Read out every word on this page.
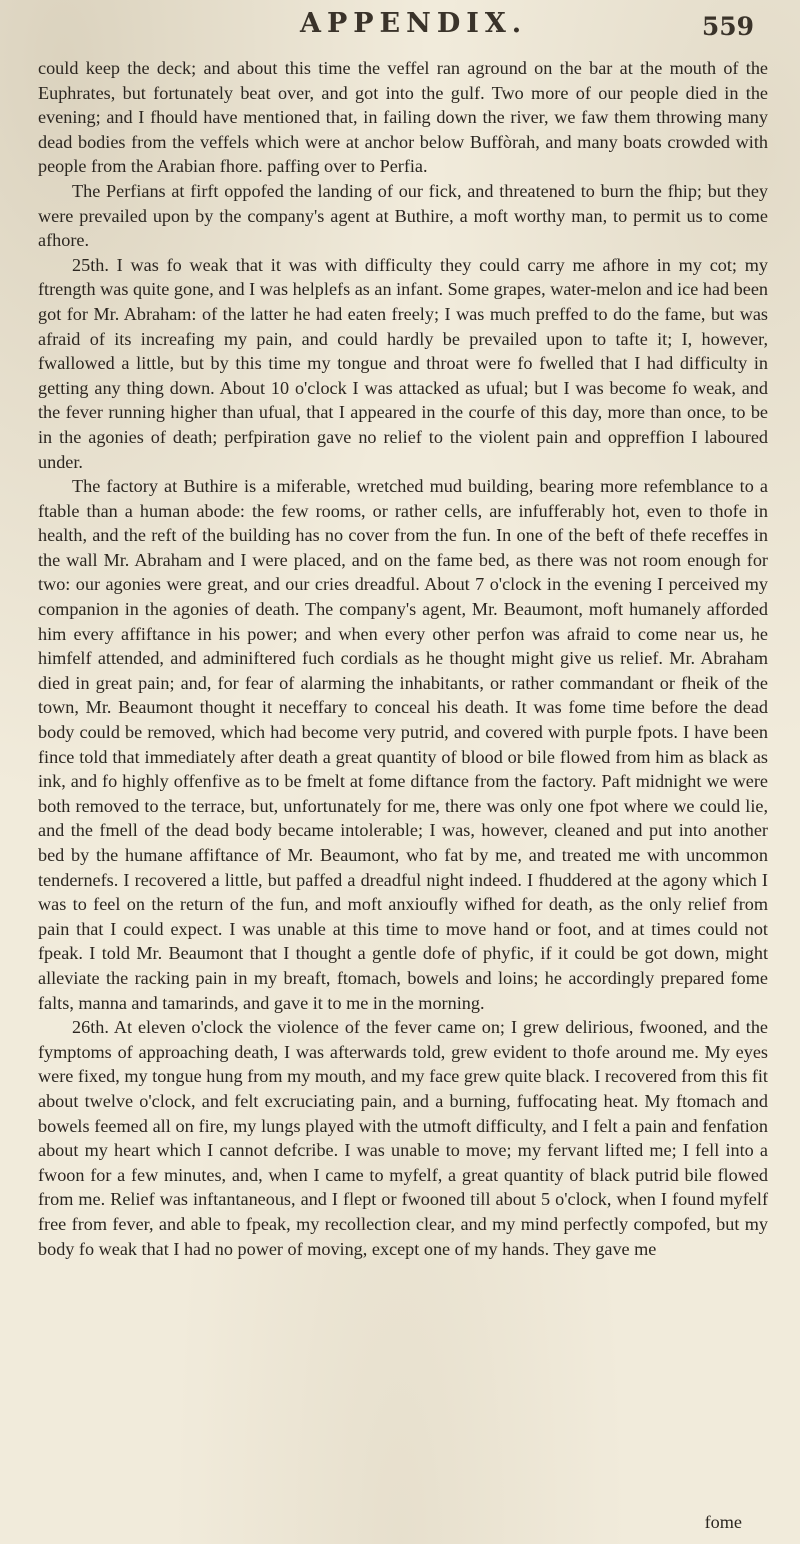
APPENDIX.	559

could keep the deck; and about this time the veffel ran aground on the bar at the mouth of the Euphrates, but fortunately beat over, and got into the gulf. Two more of our people died in the evening; and I fhould have mentioned that, in failing down the river, we faw them throwing many dead bodies from the veffels which were at anchor below Buffòrah, and many boats crowded with people from the Arabian fhore. paffing over to Perfia.

The Perfians at firft oppofed the landing of our fick, and threatened to burn the fhip; but they were prevailed upon by the company's agent at Buthire, a moft worthy man, to permit us to come afhore.

25th. I was fo weak that it was with difficulty they could carry me afhore in my cot; my ftrength was quite gone, and I was helplefs as an infant. Some grapes, water-melon and ice had been got for Mr. Abraham: of the latter he had eaten freely; I was much preffed to do the fame, but was afraid of its increafing my pain, and could hardly be prevailed upon to tafte it; I, however, fwallowed a little, but by this time my tongue and throat were fo fwelled that I had difficulty in getting any thing down. About 10 o'clock I was attacked as ufual; but I was become fo weak, and the fever running higher than ufual, that I appeared in the courfe of this day, more than once, to be in the agonies of death; perfpiration gave no relief to the violent pain and oppreffion I laboured under.

The factory at Buthire is a miferable, wretched mud building, bearing more refemblance to a ftable than a human abode: the few rooms, or rather cells, are infufferably hot, even to thofe in health, and the reft of the building has no cover from the fun. In one of the beft of thefe receffes in the wall Mr. Abraham and I were placed, and on the fame bed, as there was not room enough for two: our agonies were great, and our cries dreadful. About 7 o'clock in the evening I perceived my companion in the agonies of death. The company's agent, Mr. Beaumont, moft humanely afforded him every affiftance in his power; and when every other perfon was afraid to come near us, he himfelf attended, and adminiftered fuch cordials as he thought might give us relief. Mr. Abraham died in great pain; and, for fear of alarming the inhabitants, or rather commandant or fheik of the town, Mr. Beaumont thought it neceffary to conceal his death. It was fome time before the dead body could be removed, which had become very putrid, and covered with purple fpots. I have been fince told that immediately after death a great quantity of blood or bile flowed from him as black as ink, and fo highly offenfive as to be fmelt at fome diftance from the factory. Paft midnight we were both removed to the terrace, but, unfortunately for me, there was only one fpot where we could lie, and the fmell of the dead body became intolerable; I was, however, cleaned and put into another bed by the humane affiftance of Mr. Beaumont, who fat by me, and treated me with uncommon tendernefs. I recovered a little, but paffed a dreadful night indeed. I fhuddered at the agony which I was to feel on the return of the fun, and moft anxioufly wifhed for death, as the only relief from pain that I could expect. I was unable at this time to move hand or foot, and at times could not fpeak. I told Mr. Beaumont that I thought a gentle dofe of phyfic, if it could be got down, might alleviate the racking pain in my breaft, ftomach, bowels and loins; he accordingly prepared fome falts, manna and tamarinds, and gave it to me in the morning.

26th. At eleven o'clock the violence of the fever came on; I grew delirious, fwooned, and the fymptoms of approaching death, I was afterwards told, grew evident to thofe around me. My eyes were fixed, my tongue hung from my mouth, and my face grew quite black. I recovered from this fit about twelve o'clock, and felt excruciating pain, and a burning, fuffocating heat. My ftomach and bowels feemed all on fire, my lungs played with the utmoft difficulty, and I felt a pain and fenfation about my heart which I cannot defcribe. I was unable to move; my fervant lifted me; I fell into a fwoon for a few minutes, and, when I came to myfelf, a great quantity of black putrid bile flowed from me. Relief was inftantaneous, and I flept or fwooned till about 5 o'clock, when I found myfelf free from fever, and able to fpeak, my recollection clear, and my mind perfectly compofed, but my body fo weak that I had no power of moving, except one of my hands. They gave me

fome
